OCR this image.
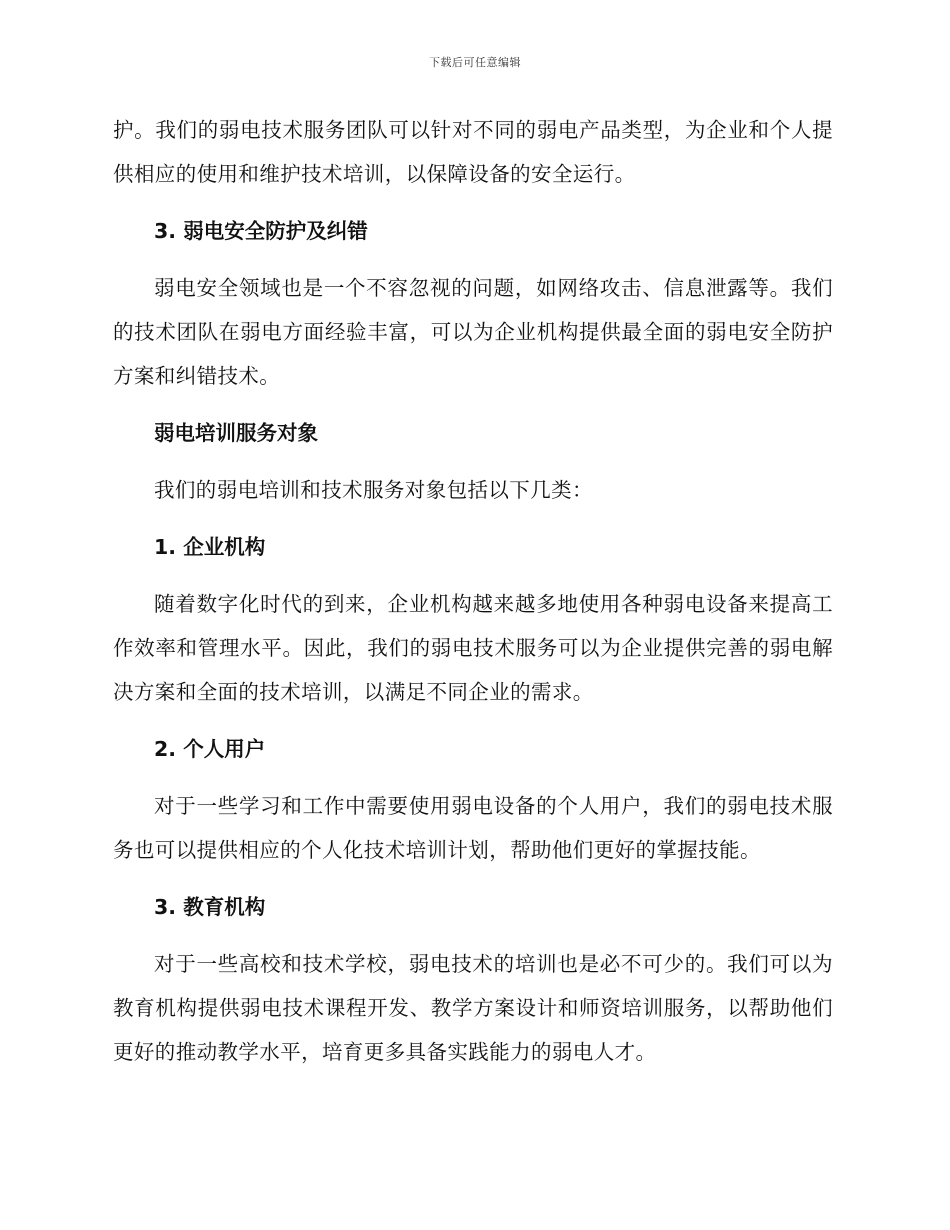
下载后可任意编辑

护。我们的弱电技术服务团队可以针对不同的弱电产品类型，为企业和个人提供相应的使用和维护技术培训，以保障设备的安全运行。

3. 弱电安全防护及纠错

弱电安全领域也是一个不容忽视的问题，如网络攻击、信息泄露等。我们的技术团队在弱电方面经验丰富，可以为企业机构提供最全面的弱电安全防护方案和纠错技术。

弱电培训服务对象

我们的弱电培训和技术服务对象包括以下几类：

1. 企业机构

随着数字化时代的到来，企业机构越来越多地使用各种弱电设备来提高工作效率和管理水平。因此，我们的弱电技术服务可以为企业提供完善的弱电解决方案和全面的技术培训，以满足不同企业的需求。

2. 个人用户

对于一些学习和工作中需要使用弱电设备的个人用户，我们的弱电技术服务也可以提供相应的个人化技术培训计划，帮助他们更好的掌握技能。

3. 教育机构

对于一些高校和技术学校，弱电技术的培训也是必不可少的。我们可以为教育机构提供弱电技术课程开发、教学方案设计和师资培训服务，以帮助他们更好的推动教学水平，培育更多具备实践能力的弱电人才。
